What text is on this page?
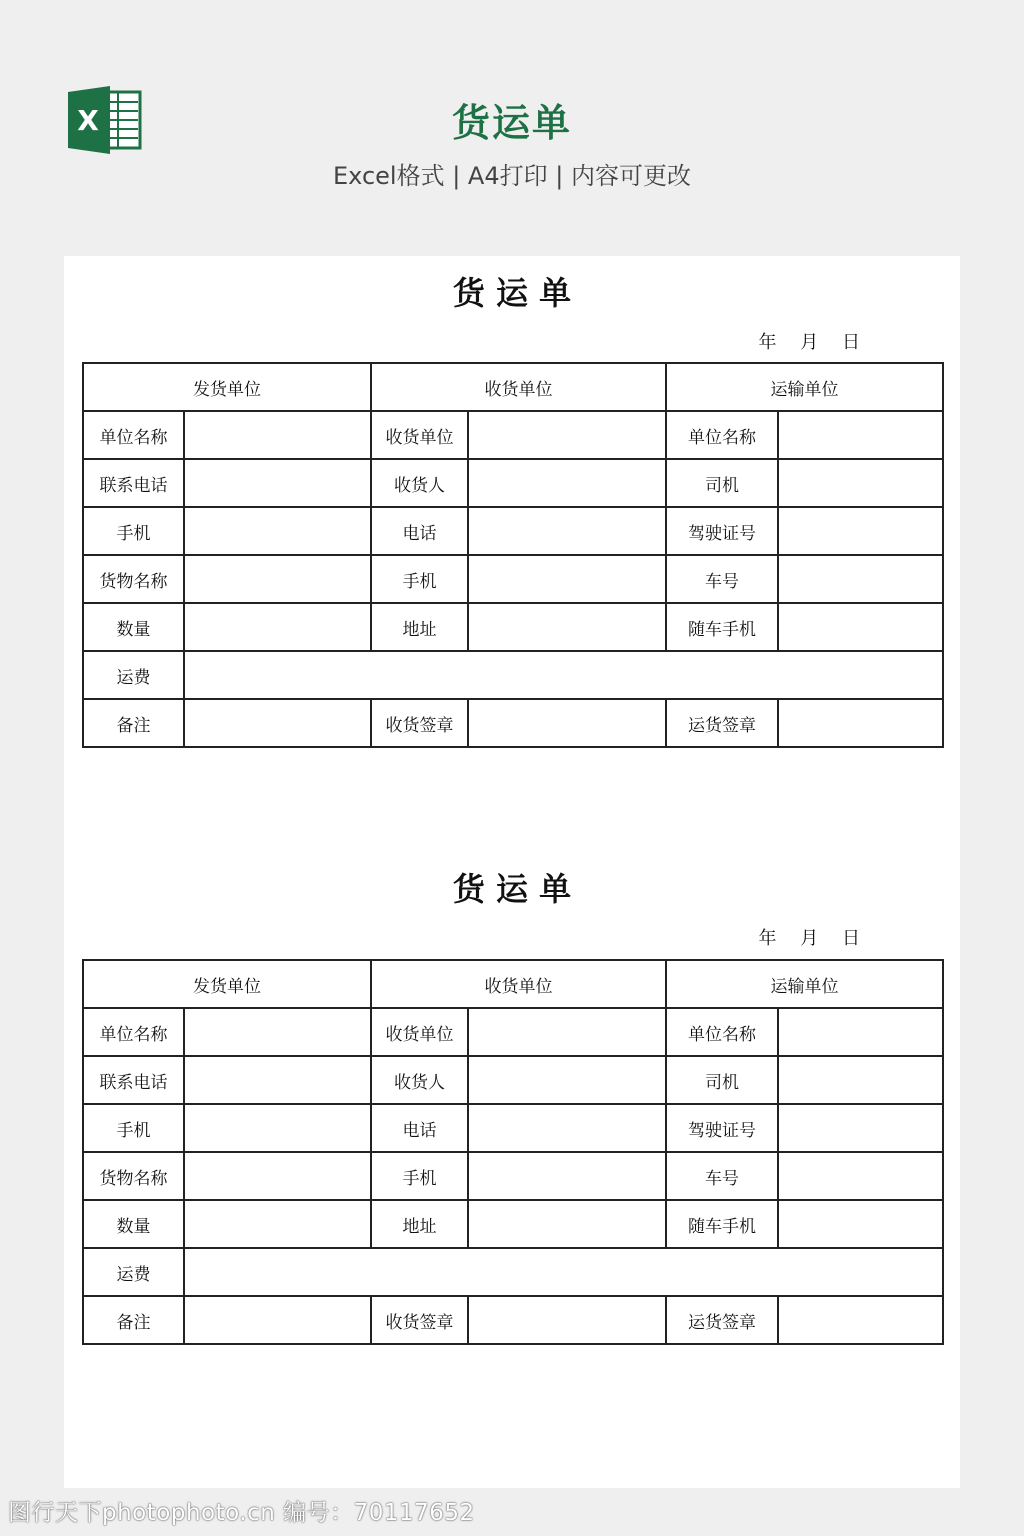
X	货运单
Excel格式 | A4打印 | 内容可更改
货 运 单
年 月 日
发货单位		收货单位		运输单位	
单位名称		收货单位		单位名称	
联系电话		收货人		司机	
手机		电话		驾驶证号	
货物名称		手机		车号	
数量		地址		随车手机	
运费					
备注		收货签章		运货签章	
货 运 单
年 月 日
发货单位		收货单位		运输单位	
单位名称		收货单位		单位名称	
联系电话		收货人		司机	
手机		电话		驾驶证号	
货物名称		手机		车号	
数量		地址		随车手机	
运费					
备注		收货签章		运货签章	
图行天下photophoto.cn 编号：70117652
